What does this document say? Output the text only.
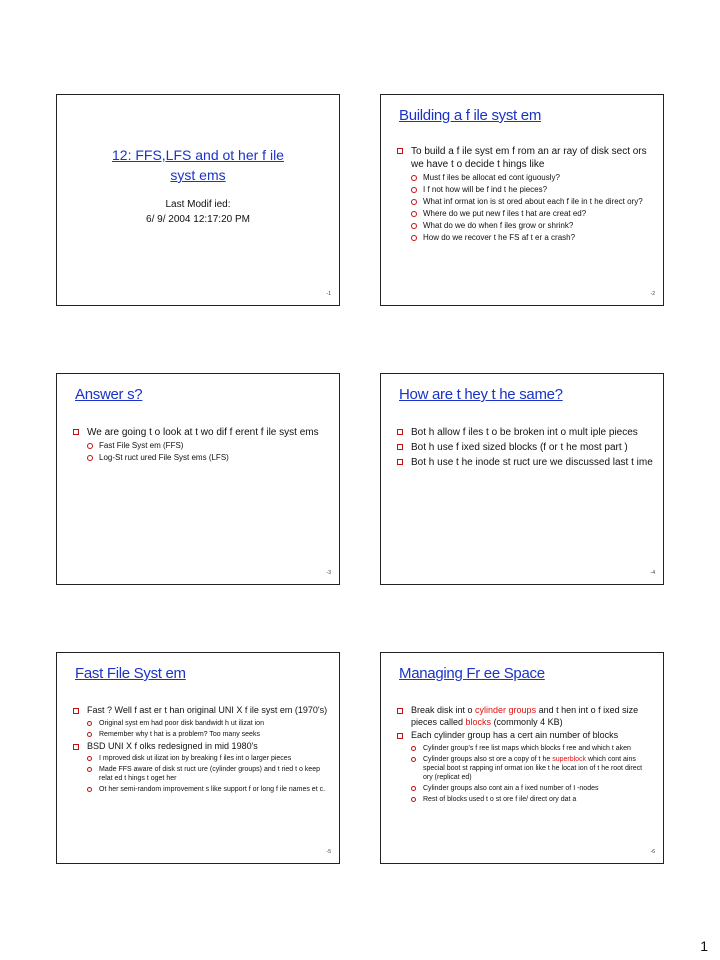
12: FFS,LFS and ot her f ile
syst ems
Last Modif ied:
6/ 9/ 2004 12:17:20 PM
-1
Building a f ile syst em
To build a f ile syst em f rom an ar ray of disk sect ors we have t o decide t hings like
Must f iles be allocat ed cont iguously?
I f not how will be f ind t he pieces?
What inf ormat ion is st ored about each f ile in t he direct ory?
Where do we put new f iles t hat are creat ed?
What do we do when f iles grow or shrink?
How do we recover t he FS af t er a crash?
-2
Answer s?
We are going t o look at t wo dif f erent f ile syst ems
Fast File Syst em (FFS)
Log-St ruct ured File Syst ems (LFS)
-3
How are t hey t he same?
Bot h allow f iles t o be broken int o mult iple pieces
Bot h use f ixed sized blocks (f or t he most part )
Bot h use t he inode st ruct ure we discussed last t ime
-4
Fast File Syst em
Fast ? Well f ast er t han original UNI X f ile syst em (1970's)
Original syst em had poor disk bandwidt h ut ilizat ion
Remember why t hat is a problem? Too many seeks
BSD UNI X f olks redesigned in mid 1980's
I mproved disk ut ilizat ion by breaking f iles int o larger pieces
Made FFS aware of disk st ruct ure (cylinder groups) and t ried t o keep relat ed t hings t oget her
Ot her semi-random improvement s like support f or long f ile names et c.
-5
Managing Fr ee Space
Break disk int o cylinder groups and t hen int o f ixed size pieces called blocks (commonly 4 KB)
Each cylinder group has a cert ain number of blocks
Cylinder group's f ree list maps which blocks f ree and which t aken
Cylinder groups also st ore a copy of t he superblock which cont ains special boot st rapping inf ormat ion like t he locat ion of t he root direct ory (replicat ed)
Cylinder groups also cont ain a f ixed number of I -nodes
Rest of blocks used t o st ore f ile/ direct ory dat a
-6
1
